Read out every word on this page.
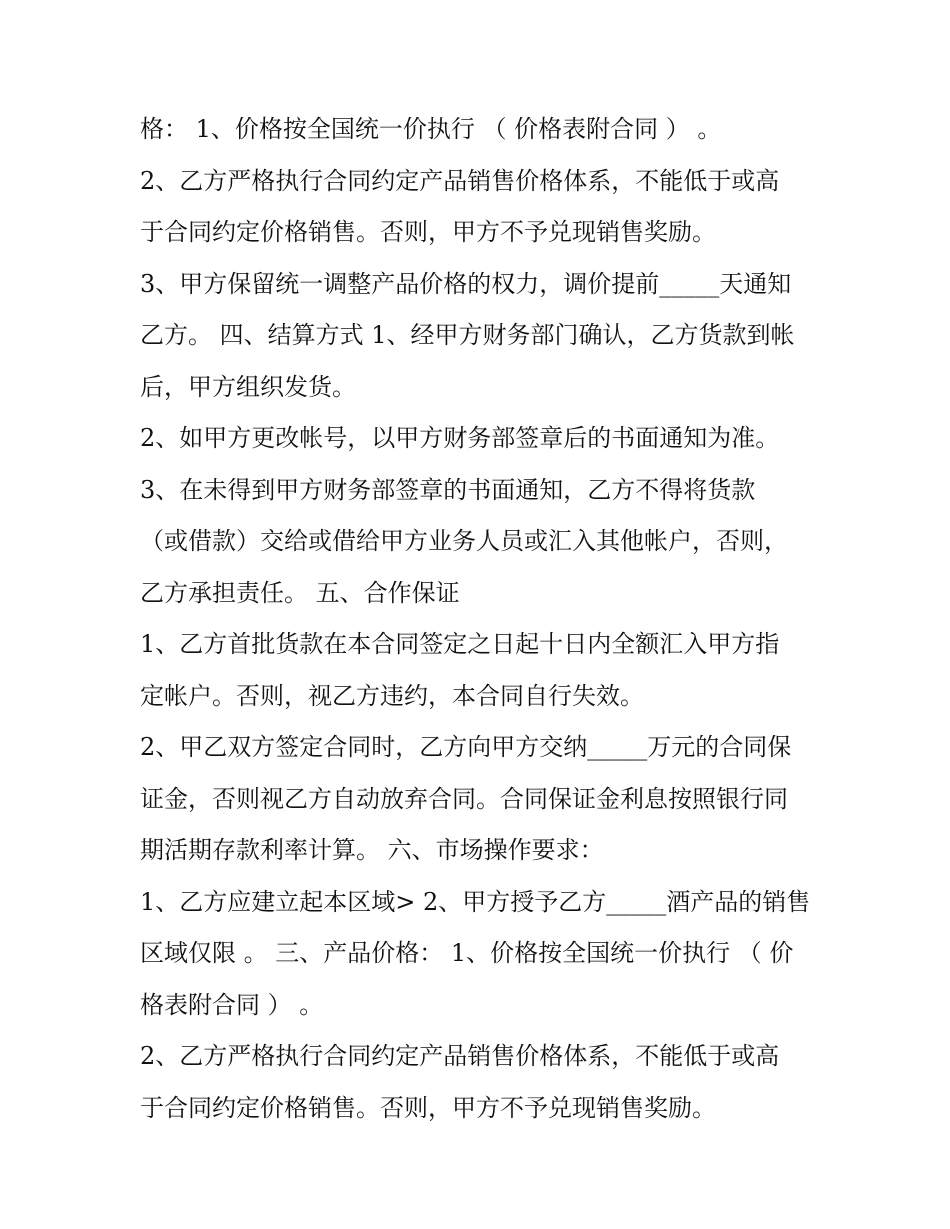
格： 1、价格按全国统一价执行 （ 价格表附合同 ） 。
2、乙方严格执行合同约定产品销售价格体系，不能低于或高
于合同约定价格销售。否则，甲方不予兑现销售奖励。
3、甲方保留统一调整产品价格的权力，调价提前_____天通知
乙方。 四、结算方式 1、经甲方财务部门确认，乙方货款到帐
后，甲方组织发货。
2、如甲方更改帐号，以甲方财务部签章后的书面通知为准。
3、在未得到甲方财务部签章的书面通知，乙方不得将货款
（或借款）交给或借给甲方业务人员或汇入其他帐户，否则，
乙方承担责任。 五、合作保证
1、乙方首批货款在本合同签定之日起十日内全额汇入甲方指
定帐户。否则，视乙方违约，本合同自行失效。
2、甲乙双方签定合同时，乙方向甲方交纳_____万元的合同保
证金，否则视乙方自动放弃合同。合同保证金利息按照银行同
期活期存款利率计算。 六、市场操作要求：
1、乙方应建立起本区域> 2、甲方授予乙方_____酒产品的销售
区域仅限 。 三、产品价格： 1、价格按全国统一价执行 （ 价
格表附合同 ） 。
2、乙方严格执行合同约定产品销售价格体系，不能低于或高
于合同约定价格销售。否则，甲方不予兑现销售奖励。
